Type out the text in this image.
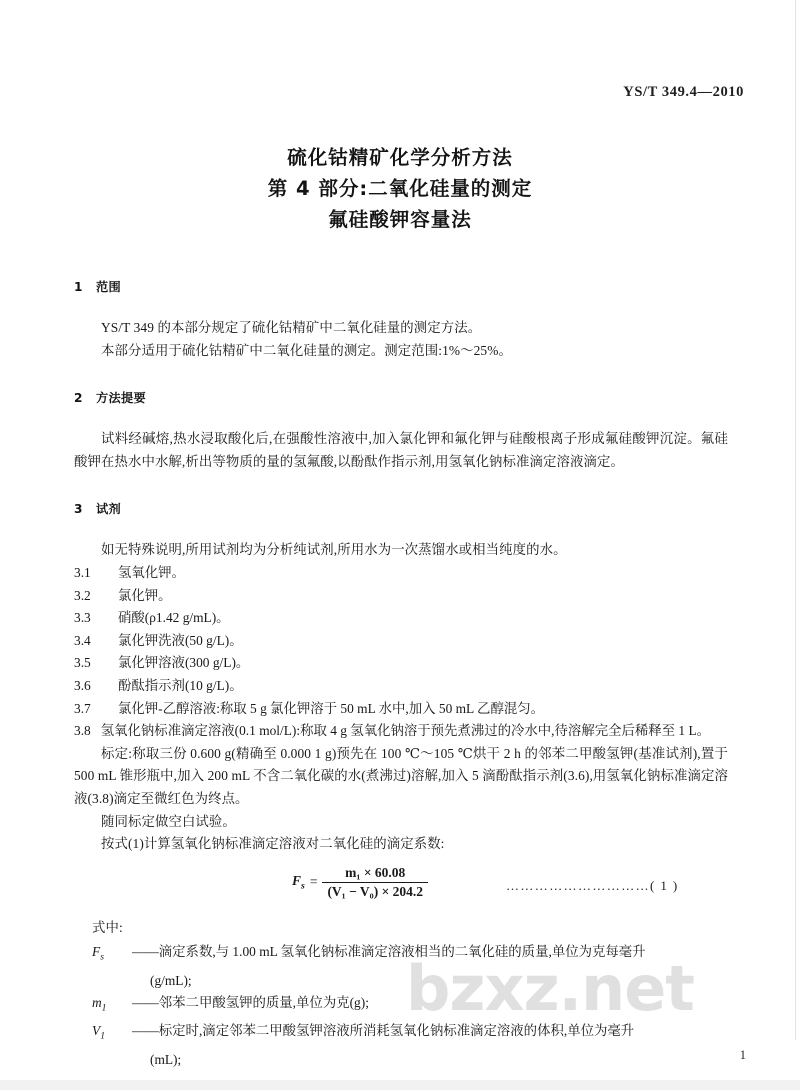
bzxz.net
YS/T 349.4—2010
硫化钴精矿化学分析方法
第 4 部分:二氧化硅量的测定
氟硅酸钾容量法
1 范围

YS/T 349 的本部分规定了硫化钴精矿中二氧化硅量的测定方法。

本部分适用于硫化钴精矿中二氧化硅量的测定。测定范围:1%～25%。

2 方法提要

试料经碱熔,热水浸取酸化后,在强酸性溶液中,加入氯化钾和氟化钾与硅酸根离子形成氟硅酸钾沉淀。氟硅酸钾在热水中水解,析出等物质的量的氢氟酸,以酚酞作指示剂,用氢氧化钠标准滴定溶液滴定。

3 试剂

如无特殊说明,所用试剂均为分析纯试剂,所用水为一次蒸馏水或相当纯度的水。

3.1	氢氧化钾。
3.2	氯化钾。
3.3	硝酸(ρ1.42 g/mL)。
3.4	氯化钾洗液(50 g/L)。
3.5	氯化钾溶液(300 g/L)。
3.6	酚酞指示剂(10 g/L)。
3.7	氯化钾-乙醇溶液:称取 5 g 氯化钾溶于 50 mL 水中,加入 50 mL 乙醇混匀。
3.8 氢氧化钠标准滴定溶液(0.1 mol/L):称取 4 g 氢氧化钠溶于预先煮沸过的冷水中,待溶解完全后稀释至 1 L。

标定:称取三份 0.600 g(精确至 0.000 1 g)预先在 100 ℃～105 ℃烘干 2 h 的邻苯二甲酸氢钾(基准试剂),置于 500 mL 锥形瓶中,加入 200 mL 不含二氧化碳的水(煮沸过)溶解,加入 5 滴酚酞指示剂(3.6),用氢氧化钠标准滴定溶液(3.8)滴定至微红色为终点。

随同标定做空白试验。

按式(1)计算氢氧化钠标准滴定溶液对二氧化硅的滴定系数:

$F_s = \frac{\text{m₁ × 60.08}}{\text{(V₁ − V₀) × 204.2}}$	…………………………( 1 )

式中:

$F_s$	——滴定系数,与 1.00 mL 氢氧化钠标准滴定溶液相当的二氧化硅的质量,单位为克每毫升
(g/mL);
$m_1$	——邻苯二甲酸氢钾的质量,单位为克(g);
$V_1$	——标定时,滴定邻苯二甲酸氢钾溶液所消耗氢氧化钠标准滴定溶液的体积,单位为毫升
(mL);	1
